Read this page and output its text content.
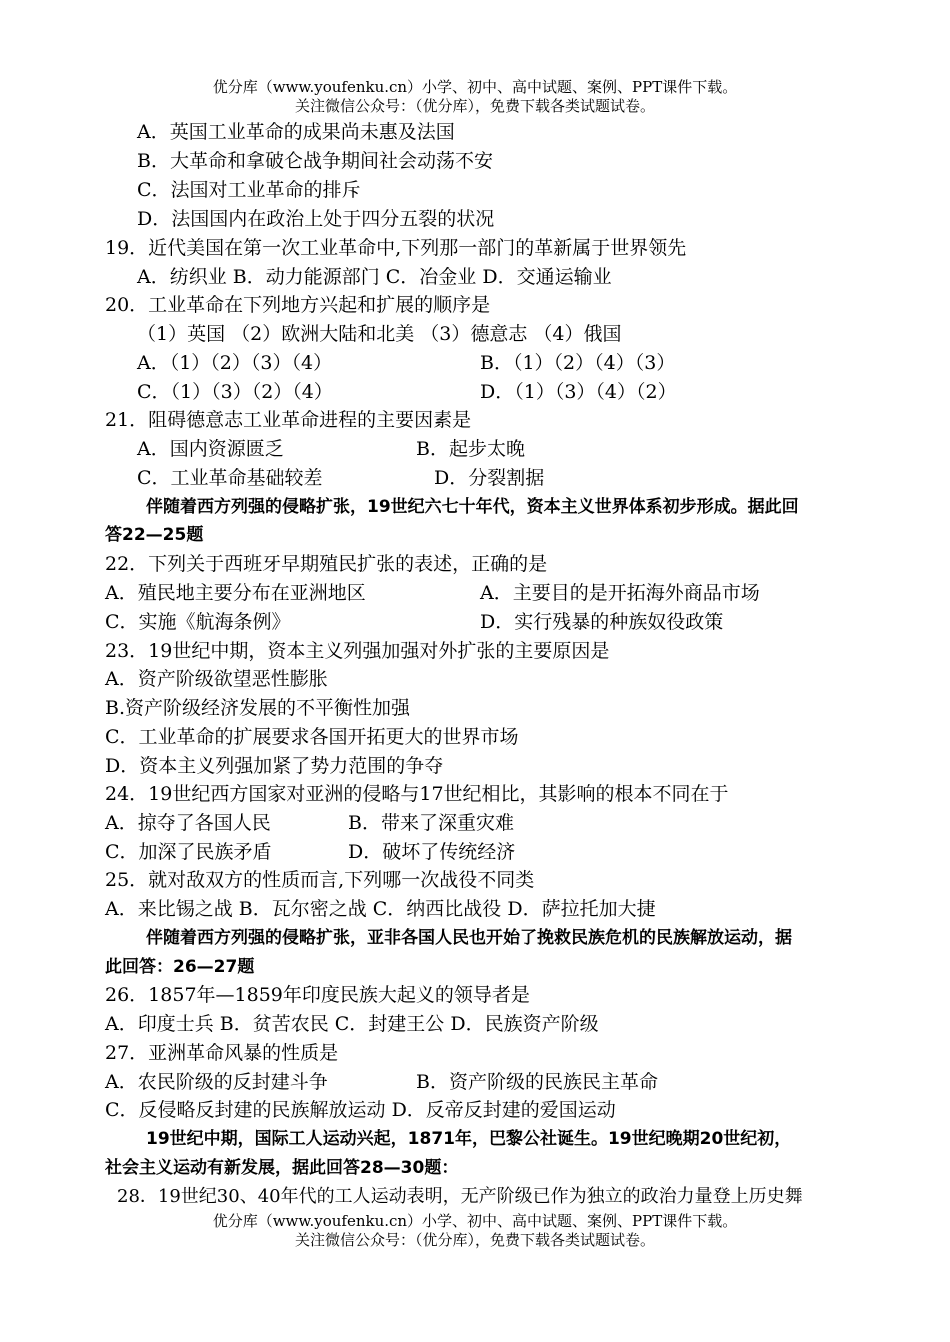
优分库（www.youfenku.cn）小学、初中、高中试题、案例、PPT课件下载。
关注微信公众号：（优分库），免费下载各类试题试卷。
A．英国工业革命的成果尚未惠及法国
B．大革命和拿破仑战争期间社会动荡不安
C．法国对工业革命的排斥
D．法国国内在政治上处于四分五裂的状况
19．近代美国在第一次工业革命中,下列那一部门的革新属于世界领先
A．纺织业 B．动力能源部门 C．冶金业 D．交通运输业
20．工业革命在下列地方兴起和扩展的顺序是
（1）英国 （2）欧洲大陆和北美 （3）德意志 （4）俄国
A．（1）（2）（3）（4）	B．（1）（2）（4）（3）
C．（1）（3）（2）（4）	D．（1）（3）（4）（2）
21．阻碍德意志工业革命进程的主要因素是
A．国内资源匮乏	B．起步太晚
C．工业革命基础较差	D．分裂割据
伴随着西方列强的侵略扩张，19世纪六七十年代，资本主义世界体系初步形成。据此回
答22—25题
22．下列关于西班牙早期殖民扩张的表述，正确的是
A．殖民地主要分布在亚洲地区	A．主要目的是开拓海外商品市场
C．实施《航海条例》	D．实行残暴的种族奴役政策
23．19世纪中期，资本主义列强加强对外扩张的主要原因是
A．资产阶级欲望恶性膨胀
B.资产阶级经济发展的不平衡性加强
C．工业革命的扩展要求各国开拓更大的世界市场
D．资本主义列强加紧了势力范围的争夺
24．19世纪西方国家对亚洲的侵略与17世纪相比，其影响的根本不同在于
A．掠夺了各国人民	B．带来了深重灾难
C．加深了民族矛盾	D．破坏了传统经济
25．就对敌双方的性质而言,下列哪一次战役不同类
A．来比锡之战 B．瓦尔密之战 C．纳西比战役 D．萨拉托加大捷
伴随着西方列强的侵略扩张，亚非各国人民也开始了挽救民族危机的民族解放运动，据
此回答：26—27题
26．1857年—1859年印度民族大起义的领导者是
A．印度士兵 B．贫苦农民 C．封建王公 D．民族资产阶级
27．亚洲革命风暴的性质是
A．农民阶级的反封建斗争	B．资产阶级的民族民主革命
C．反侵略反封建的民族解放运动 D．反帝反封建的爱国运动
19世纪中期，国际工人运动兴起，1871年，巴黎公社诞生。19世纪晚期20世纪初，
社会主义运动有新发展，据此回答28—30题：
28．19世纪30、40年代的工人运动表明，无产阶级已作为独立的政治力量登上历史舞
优分库（www.youfenku.cn）小学、初中、高中试题、案例、PPT课件下载。
关注微信公众号：（优分库），免费下载各类试题试卷。
